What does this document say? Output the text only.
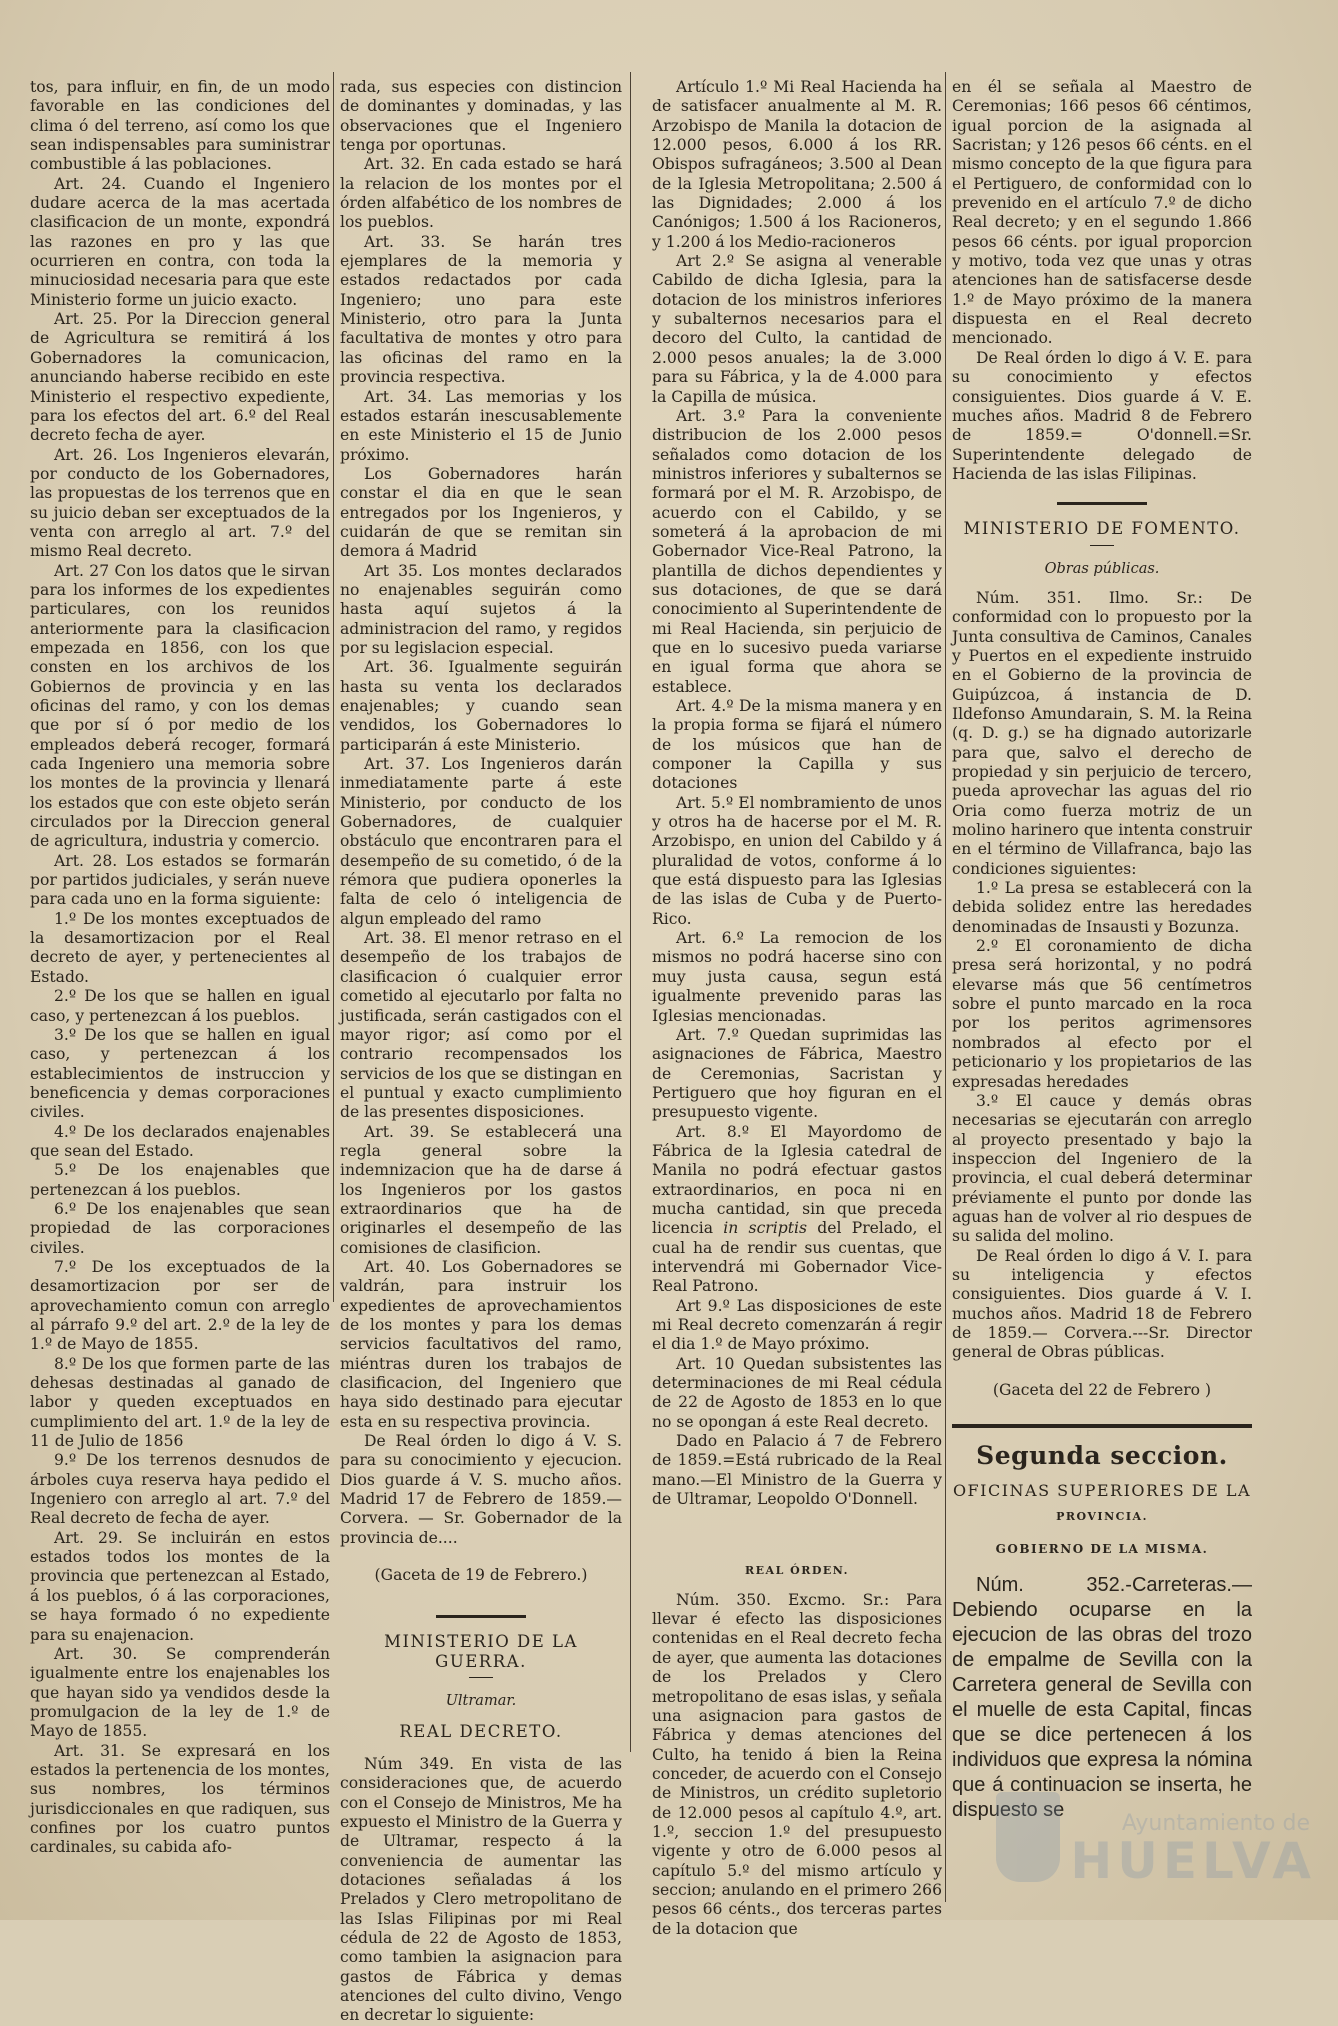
tos, para influir, en fin, de un modo favorable en las condiciones del clima ó del terreno, así como los que sean indispensables para suministrar combustible á las poblaciones.

Art. 24. Cuando el Ingeniero dudare acerca de la mas acertada clasificacion de un monte, expondrá las razones en pro y las que ocurrieren en contra, con toda la minuciosidad necesaria para que este Ministerio forme un juicio exacto.

Art. 25. Por la Direccion general de Agricultura se remitirá á los Gobernadores la comunicacion, anunciando haberse recibido en este Ministerio el respectivo expediente, para los efectos del art. 6.º del Real decreto fecha de ayer.

Art. 26. Los Ingenieros elevarán, por conducto de los Gobernadores, las propuestas de los terrenos que en su juicio deban ser exceptuados de la venta con arreglo al art. 7.º del mismo Real decreto.

Art. 27 Con los datos que le sirvan para los informes de los expedientes particulares, con los reunidos anteriormente para la clasificacion empezada en 1856, con los que consten en los archivos de los Gobiernos de provincia y en las oficinas del ramo, y con los demas que por sí ó por medio de los empleados deberá recoger, formará cada Ingeniero una memoria sobre los montes de la provincia y llenará los estados que con este objeto serán circulados por la Direccion general de agricultura, industria y comercio.

Art. 28. Los estados se formarán por partidos judiciales, y serán nueve para cada uno en la forma siguiente:

1.º De los montes exceptuados de la desamortizacion por el Real decreto de ayer, y pertenecientes al Estado.

2.º De los que se hallen en igual caso, y pertenezcan á los pueblos.

3.º De los que se hallen en igual caso, y pertenezcan á los establecimientos de instruccion y beneficencia y demas corporaciones civiles.

4.º De los declarados enajenables que sean del Estado.

5.º De los enajenables que pertenezcan á los pueblos.

6.º De los enajenables que sean propiedad de las corporaciones civiles.

7.º De los exceptuados de la desamortizacion por ser de aprovechamiento comun con arreglo al párrafo 9.º del art. 2.º de la ley de 1.º de Mayo de 1855.

8.º De los que formen parte de las dehesas destinadas al ganado de labor y queden exceptuados en cumplimiento del art. 1.º de la ley de 11 de Julio de 1856

9.º De los terrenos desnudos de árboles cuya reserva haya pedido el Ingeniero con arreglo al art. 7.º del Real decreto de fecha de ayer.

Art. 29. Se incluirán en estos estados todos los montes de la provincia que pertenezcan al Estado, á los pueblos, ó á las corporaciones, se haya formado ó no expediente para su enajenacion.

Art. 30. Se comprenderán igualmente entre los enajenables los que hayan sido ya vendidos desde la promulgacion de la ley de 1.º de Mayo de 1855.

Art. 31. Se expresará en los estados la pertenencia de los montes, sus nombres, los términos jurisdiccionales en que radiquen, sus confines por los cuatro puntos cardinales, su cabida afo-

rada, sus especies con distincion de dominantes y dominadas, y las observaciones que el Ingeniero tenga por oportunas.

Art. 32. En cada estado se hará la relacion de los montes por el órden alfabético de los nombres de los pueblos.

Art. 33. Se harán tres ejemplares de la memoria y estados redactados por cada Ingeniero; uno para este Ministerio, otro para la Junta facultativa de montes y otro para las oficinas del ramo en la provincia respectiva.

Art. 34. Las memorias y los estados estarán inescusablemente en este Ministerio el 15 de Junio próximo.

Los Gobernadores harán constar el dia en que le sean entregados por los Ingenieros, y cuidarán de que se remitan sin demora á Madrid

Art 35. Los montes declarados no enajenables seguirán como hasta aquí sujetos á la administracion del ramo, y regidos por su legislacion especial.

Art. 36. Igualmente seguirán hasta su venta los declarados enajenables; y cuando sean vendidos, los Gobernadores lo participarán á este Ministerio.

Art. 37. Los Ingenieros darán inmediatamente parte á este Ministerio, por conducto de los Gobernadores, de cualquier obstáculo que encontraren para el desempeño de su cometido, ó de la rémora que pudiera oponerles la falta de celo ó inteligencia de algun empleado del ramo

Art. 38. El menor retraso en el desempeño de los trabajos de clasificacion ó cualquier error cometido al ejecutarlo por falta no justificada, serán castigados con el mayor rigor; así como por el contrario recompensados los servicios de los que se distingan en el puntual y exacto cumplimiento de las presentes disposiciones.

Art. 39. Se establecerá una regla general sobre la indemnizacion que ha de darse á los Ingenieros por los gastos extraordinarios que ha de originarles el desempeño de las comisiones de clasificion.

Art. 40. Los Gobernadores se valdrán, para instruir los expedientes de aprovechamientos de los montes y para los demas servicios facultativos del ramo, miéntras duren los trabajos de clasificacion, del Ingeniero que haya sido destinado para ejecutar esta en su respectiva provincia.

De Real órden lo digo á V. S. para su conocimiento y ejecucion. Dios guarde á V. S. mucho años. Madrid 17 de Febrero de 1859.— Corvera. — Sr. Gobernador de la provincia de....

(Gaceta de 19 de Febrero.)

MINISTERIO DE LA GUERRA.

Ultramar.

REAL DECRETO.

Núm 349. En vista de las consideraciones que, de acuerdo con el Consejo de Ministros, Me ha expuesto el Ministro de la Guerra y de Ultramar, respecto á la conveniencia de aumentar las dotaciones señaladas á los Prelados y Clero metropolitano de las Islas Filipinas por mi Real cédula de 22 de Agosto de 1853, como tambien la asignacion para gastos de Fábrica y demas atenciones del culto divino, Vengo en decretar lo siguiente:

Artículo 1.º Mi Real Hacienda ha de satisfacer anualmente al M. R. Arzobispo de Manila la dotacion de 12.000 pesos, 6.000 á los RR. Obispos sufragáneos; 3.500 al Dean de la Iglesia Metropolitana; 2.500 á las Dignidades; 2.000 á los Canónigos; 1.500 á los Racioneros, y 1.200 á los Medio-racioneros

Art 2.º Se asigna al venerable Cabildo de dicha Iglesia, para la dotacion de los ministros inferiores y subalternos necesarios para el decoro del Culto, la cantidad de 2.000 pesos anuales; la de 3.000 para su Fábrica, y la de 4.000 para la Capilla de música.

Art. 3.º Para la conveniente distribucion de los 2.000 pesos señalados como dotacion de los ministros inferiores y subalternos se formará por el M. R. Arzobispo, de acuerdo con el Cabildo, y se someterá á la aprobacion de mi Gobernador Vice-Real Patrono, la plantilla de dichos dependientes y sus dotaciones, de que se dará conocimiento al Superintendente de mi Real Hacienda, sin perjuicio de que en lo sucesivo pueda variarse en igual forma que ahora se establece.

Art. 4.º De la misma manera y en la propia forma se fijará el número de los músicos que han de componer la Capilla y sus dotaciones

Art. 5.º El nombramiento de unos y otros ha de hacerse por el M. R. Arzobispo, en union del Cabildo y á pluralidad de votos, conforme á lo que está dispuesto para las Iglesias de las islas de Cuba y de Puerto-Rico.

Art. 6.º La remocion de los mismos no podrá hacerse sino con muy justa causa, segun está igualmente prevenido paras las Iglesias mencionadas.

Art. 7.º Quedan suprimidas las asignaciones de Fábrica, Maestro de Ceremonias, Sacristan y Pertiguero que hoy figuran en el presupuesto vigente.

Art. 8.º El Mayordomo de Fábrica de la Iglesia catedral de Manila no podrá efectuar gastos extraordinarios, en poca ni en mucha cantidad, sin que preceda licencia in scriptis del Prelado, el cual ha de rendir sus cuentas, que intervendrá mi Gobernador Vice-Real Patrono.

Art 9.º Las disposiciones de este mi Real decreto comenzarán á regir el dia 1.º de Mayo próximo.

Art. 10 Quedan subsistentes las determinaciones de mi Real cédula de 22 de Agosto de 1853 en lo que no se opongan á este Real decreto.

Dado en Palacio á 7 de Febrero de 1859.=Está rubricado de la Real mano.—El Ministro de la Guerra y de Ultramar, Leopoldo O'Donnell.

REAL ÓRDEN.

Núm. 350. Excmo. Sr.: Para llevar é efecto las disposiciones contenidas en el Real decreto fecha de ayer, que aumenta las dotaciones de los Prelados y Clero metropolitano de esas islas, y señala una asignacion para gastos de Fábrica y demas atenciones del Culto, ha tenido á bien la Reina conceder, de acuerdo con el Consejo de Ministros, un crédito supletorio de 12.000 pesos al capítulo 4.º, art. 1.º, seccion 1.º del presupuesto vigente y otro de 6.000 pesos al capítulo 5.º del mismo artículo y seccion; anulando en el primero 266 pesos 66 cénts., dos terceras partes de la dotacion que

en él se señala al Maestro de Ceremonias; 166 pesos 66 céntimos, igual porcion de la asignada al Sacristan; y 126 pesos 66 cénts. en el mismo concepto de la que figura para el Pertiguero, de conformidad con lo prevenido en el artículo 7.º de dicho Real decreto; y en el segundo 1.866 pesos 66 cénts. por igual proporcion y motivo, toda vez que unas y otras atenciones han de satisfacerse desde 1.º de Mayo próximo de la manera dispuesta en el Real decreto mencionado.

De Real órden lo digo á V. E. para su conocimiento y efectos consiguientes. Dios guarde á V. E. muches años. Madrid 8 de Febrero de 1859.= O'donnell.=Sr. Superintendente delegado de Hacienda de las islas Filipinas.

MINISTERIO DE FOMENTO.

Obras públicas.

Núm. 351. Ilmo. Sr.: De conformidad con lo propuesto por la Junta consultiva de Caminos, Canales y Puertos en el expediente instruido en el Gobierno de la provincia de Guipúzcoa, á instancia de D. Ildefonso Amundarain, S. M. la Reina (q. D. g.) se ha dignado autorizarle para que, salvo el derecho de propiedad y sin perjuicio de tercero, pueda aprovechar las aguas del rio Oria como fuerza motriz de un molino harinero que intenta construir en el término de Villafranca, bajo las condiciones siguientes:

1.º La presa se establecerá con la debida solidez entre las heredades denominadas de Insausti y Bozunza.

2.º El coronamiento de dicha presa será horizontal, y no podrá elevarse más que 56 centímetros sobre el punto marcado en la roca por los peritos agrimensores nombrados al efecto por el peticionario y los propietarios de las expresadas heredades

3.º El cauce y demás obras necesarias se ejecutarán con arreglo al proyecto presentado y bajo la inspeccion del Ingeniero de la provincia, el cual deberá determinar préviamente el punto por donde las aguas han de volver al rio despues de su salida del molino.

De Real órden lo digo á V. I. para su inteligencia y efectos consiguientes. Dios guarde á V. I. muchos años. Madrid 18 de Febrero de 1859.— Corvera.---Sr. Director general de Obras públicas.

(Gaceta del 22 de Febrero )

Segunda seccion.

OFICINAS SUPERIORES DE LA

PROVINCIA.

GOBIERNO DE LA MISMA.

Núm. 352.-Carreteras.— Debiendo ocuparse en la ejecucion de las obras del trozo de empalme de Sevilla con la Carretera general de Sevilla con el muelle de esta Capital, fincas que se dice pertenecen á los individuos que expresa la nómina que á continuacion se inserta, he dispuesto se

Ayuntamiento de
HUELVA
